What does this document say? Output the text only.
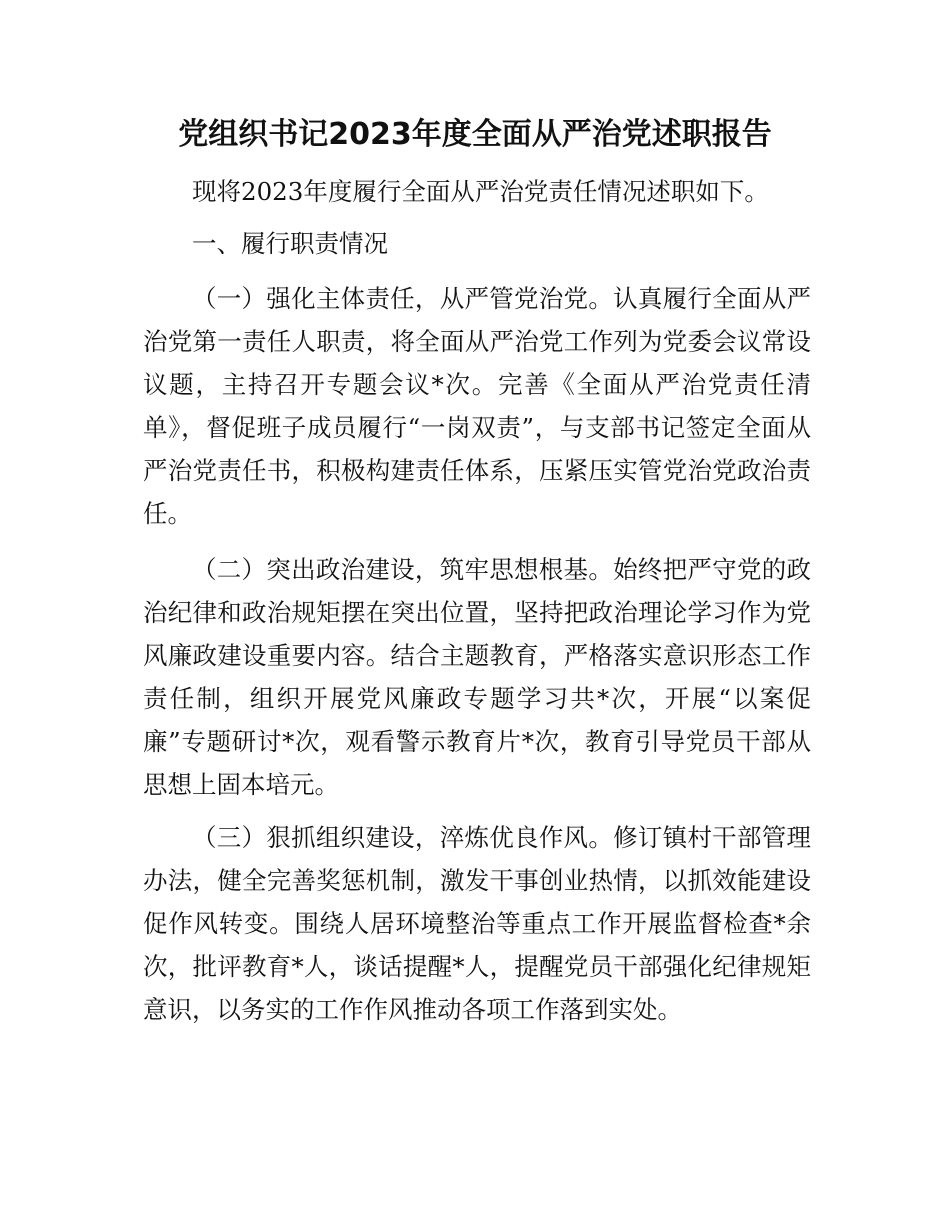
党组织书记2023年度全面从严治党述职报告

现将2023年度履行全面从严治党责任情况述职如下。

一、履行职责情况

（一）强化主体责任，从严管党治党。认真履行全面从严治党第一责任人职责，将全面从严治党工作列为党委会议常设议题，主持召开专题会议*次。完善《全面从严治党责任清单》，督促班子成员履行“一岗双责”，与支部书记签定全面从严治党责任书，积极构建责任体系，压紧压实管党治党政治责任。

（二）突出政治建设，筑牢思想根基。始终把严守党的政治纪律和政治规矩摆在突出位置，坚持把政治理论学习作为党风廉政建设重要内容。结合主题教育，严格落实意识形态工作责任制，组织开展党风廉政专题学习共*次，开展“以案促廉”专题研讨*次，观看警示教育片*次，教育引导党员干部从思想上固本培元。

（三）狠抓组织建设，淬炼优良作风。修订镇村干部管理办法，健全完善奖惩机制，激发干事创业热情，以抓效能建设促作风转变。围绕人居环境整治等重点工作开展监督检查*余次，批评教育*人，谈话提醒*人，提醒党员干部强化纪律规矩意识，以务实的工作作风推动各项工作落到实处。
